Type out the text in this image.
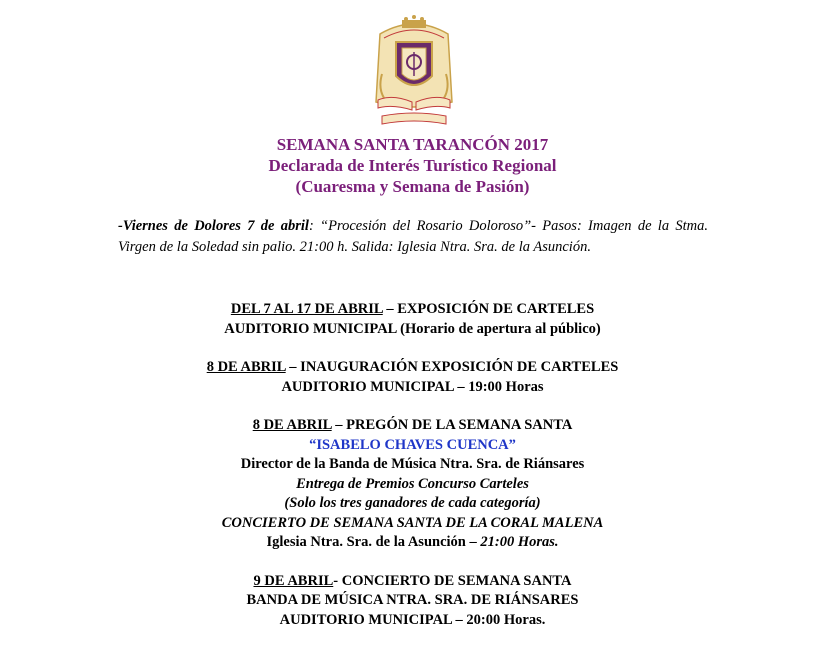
SEMANA SANTA TARANCÓN 2017
Declarada de Interés Turístico Regional
(Cuaresma y Semana de Pasión)
-Viernes de Dolores 7 de abril: “Procesión del Rosario Doloroso”- Pasos: Imagen de la Stma. Virgen de la Soledad sin palio. 21:00 h. Salida: Iglesia Ntra. Sra. de la Asunción.
DEL 7 AL 17 DE ABRIL – EXPOSICIÓN DE CARTELES
AUDITORIO MUNICIPAL (Horario de apertura al público)
8 DE ABRIL – INAUGURACIÓN EXPOSICIÓN DE CARTELES
AUDITORIO MUNICIPAL – 19:00 Horas
8 DE ABRIL – PREGÓN DE LA SEMANA SANTA
“ISABELO CHAVES CUENCA”
Director de la Banda de Música Ntra. Sra. de Riánsares
Entrega de Premios Concurso Carteles
(Solo los tres ganadores de cada categoría)
CONCIERTO DE SEMANA SANTA DE LA CORAL MALENA
Iglesia Ntra. Sra. de la Asunción – 21:00 Horas.
9 DE ABRIL- CONCIERTO DE SEMANA SANTA
BANDA DE MÚSICA NTRA. SRA. DE RIÁNSARES
AUDITORIO MUNICIPAL – 20:00 Horas.
